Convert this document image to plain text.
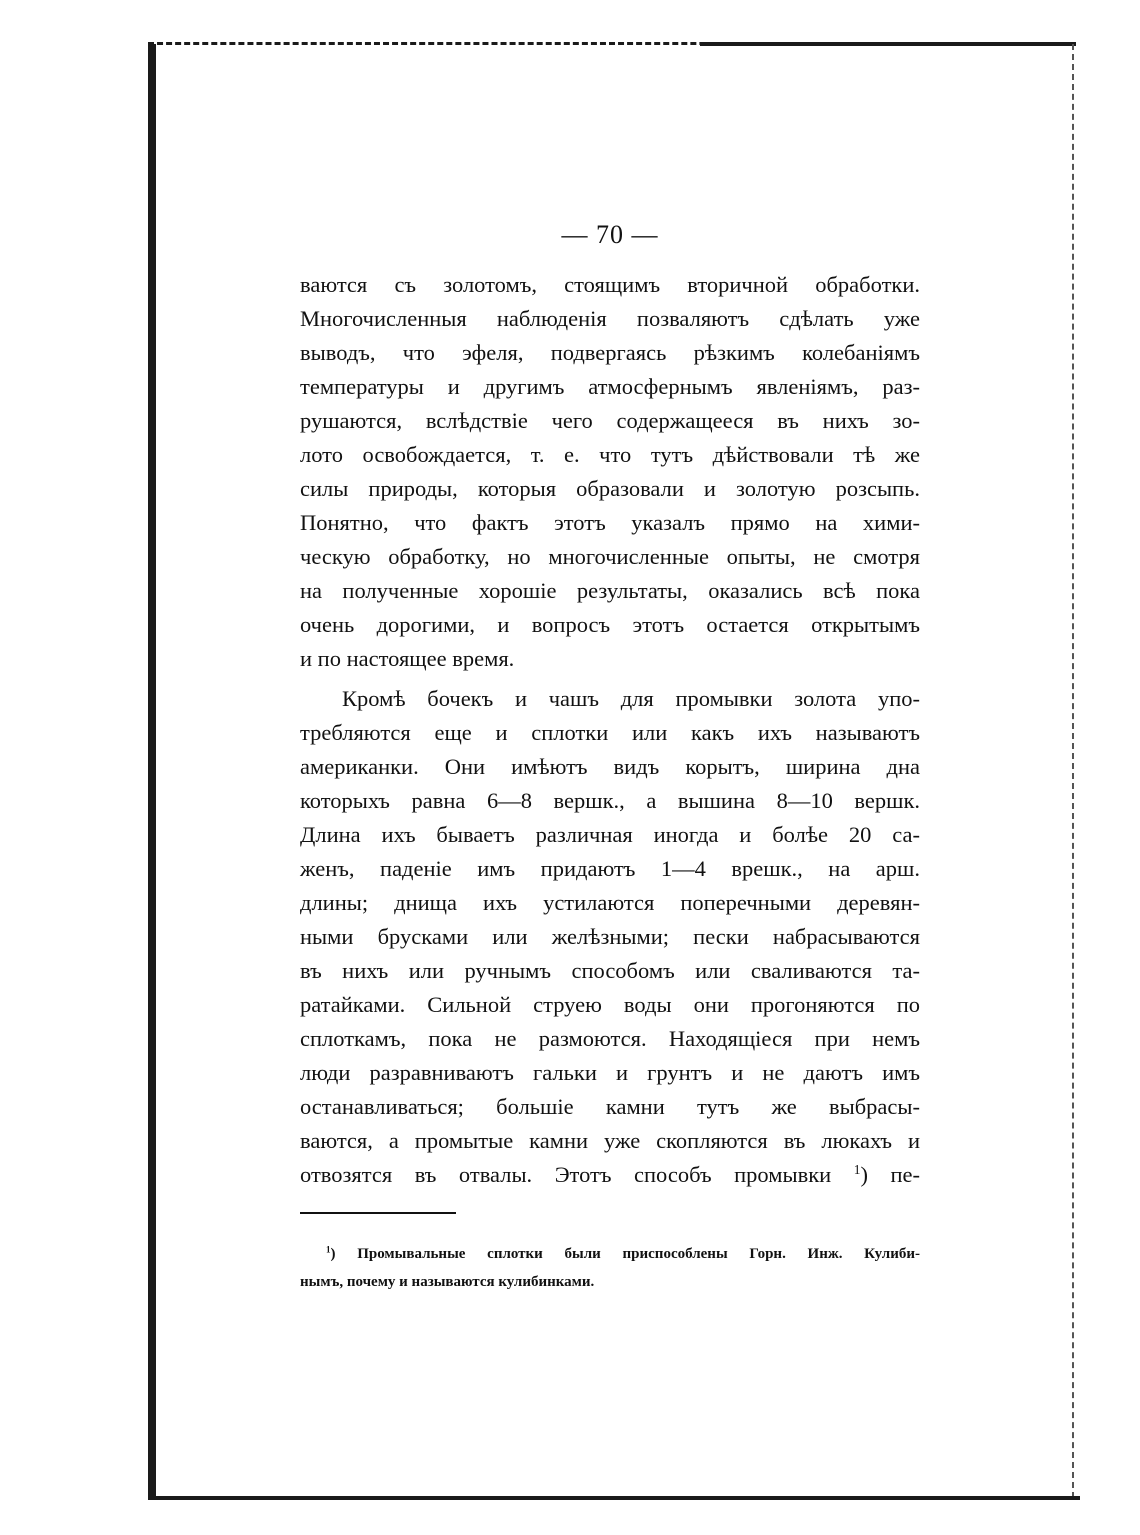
— 70 —
ваются съ золотомъ, стоящимъ вторичной обработки.
Многочисленныя наблюденія позваляютъ сдѣлать уже
выводъ, что эфеля, подвергаясь рѣзкимъ колебаніямъ
температуры и другимъ атмосфернымъ явленіямъ, раз-
рушаются, вслѣдствіе чего содержащееся въ нихъ зо-
лото освобождается, т. е. что тутъ дѣйствовали тѣ же
силы природы, которыя образовали и золотую розсыпь.
Понятно, что фактъ этотъ указалъ прямо на хими-
ческую обработку, но многочисленные опыты, не смотря
на полученные хорошіе результаты, оказались всѣ пока
очень дорогими, и вопросъ этотъ остается открытымъ
и по настоящее время.
Кромѣ бочекъ и чашъ для промывки золота упо-
требляются еще и сплотки или какъ ихъ называютъ
американки. Они имѣютъ видъ корытъ, ширина дна
которыхъ равна 6—8 вершк., а вышина 8—10 вершк.
Длина ихъ бываетъ различная иногда и болѣе 20 са-
женъ, паденіе имъ придаютъ 1—4 врешк., на арш.
длины; днища ихъ устилаются поперечными деревян-
ными брусками или желѣзными; пески набрасываются
въ нихъ или ручнымъ способомъ или сваливаются та-
ратайками. Сильной струею воды они прогоняются по
сплоткамъ, пока не размоются. Находящіеся при немъ
люди разравниваютъ гальки и грунтъ и не даютъ имъ
останавливаться; большіе камни тутъ же выбрасы-
ваются, а промытые камни уже скопляются въ люкахъ и
отвозятся въ отвалы. Этотъ способъ промывки $^1$) пе-
$^1$) Промывальные сплотки были приспособлены Горн. Инж. Кулиби-
нымъ, почему и называются кулибинками.
